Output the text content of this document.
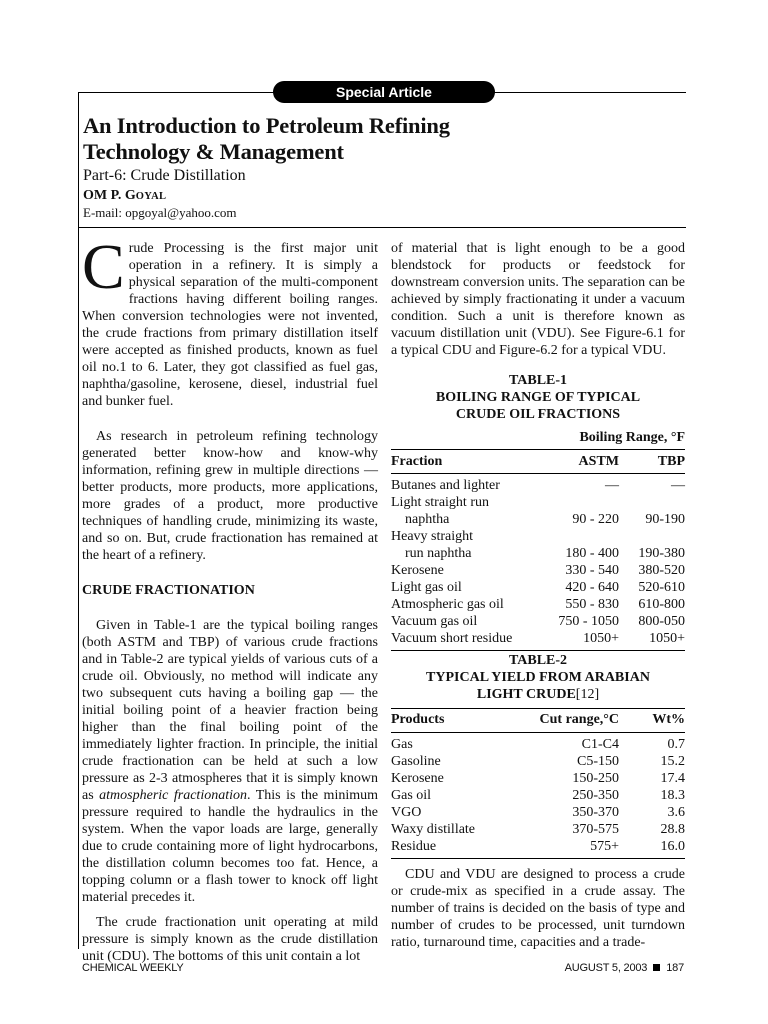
Special Article
An Introduction to Petroleum Refining
Technology & Management
Part-6: Crude Distillation
OM P. GOYAL
E-mail: opgoyal@yahoo.com

Crude Processing is the first major unit operation in a refinery. It is simply a physical separation of the multi-component fractions having different boiling ranges. When conversion technologies were not invented, the crude fractions from primary distillation itself were accepted as finished products, known as fuel oil no.1 to 6. Later, they got classified as fuel gas, naphtha/gasoline, kerosene, diesel, industrial fuel and bunker fuel.

As research in petroleum refining technology generated better know-how and know-why information, refining grew in multiple directions — better products, more products, more applications, more grades of a product, more productive techniques of handling crude, minimizing its waste, and so on. But, crude fractionation has remained at the heart of a refinery.

CRUDE FRACTIONATION

Given in Table-1 are the typical boiling ranges (both ASTM and TBP) of various crude fractions and in Table-2 are typical yields of various cuts of a crude oil. Obviously, no method will indicate any two subsequent cuts having a boiling gap — the initial boiling point of a heavier fraction being higher than the final boiling point of the immediately lighter fraction. In principle, the initial crude fractionation can be held at such a low pressure as 2-3 atmospheres that it is simply known as atmospheric fractionation. This is the minimum pressure required to handle the hydraulics in the system. When the vapor loads are large, generally due to crude containing more of light hydrocarbons, the distillation column becomes too fat. Hence, a topping column or a flash tower to knock off light material precedes it.

The crude fractionation unit operating at mild pressure is simply known as the crude distillation unit (CDU). The bottoms of this unit contain a lot

of material that is light enough to be a good blendstock for products or feedstock for downstream conversion units. The separation can be achieved by simply fractionating it under a vacuum condition. Such a unit is therefore known as vacuum distillation unit (VDU). See Figure-6.1 for a typical CDU and Figure-6.2 for a typical VDU.

TABLE-1
BOILING RANGE OF TYPICAL
CRUDE OIL FRACTIONS
Boiling Range, °F		
Fraction	ASTM	TBP
Butanes and lighter	—	—
Light straight run		
naphtha	90 - 220	90-190
Heavy straight		
run naphtha	180 - 400	190-380
Kerosene	330 - 540	380-520
Light gas oil	420 - 640	520-610
Atmospheric gas oil	550 - 830	610-800
Vacuum gas oil	750 - 1050	800-050
Vacuum short residue	1050+	1050+
TABLE-2
TYPICAL YIELD FROM ARABIAN
LIGHT CRUDE[12]
Products	Cut range,°C	Wt%
Gas	C1-C4	0.7
Gasoline	C5-150	15.2
Kerosene	150-250	17.4
Gas oil	250-350	18.3
VGO	350-370	3.6
Waxy distillate	370-575	28.8
Residue	575+	16.0

CDU and VDU are designed to process a crude or crude-mix as specified in a crude assay. The number of trains is decided on the basis of type and number of crudes to be processed, unit turndown ratio, turnaround time, capacities and a trade-

CHEMICAL WEEKLY	AUGUST 5, 2003 187
